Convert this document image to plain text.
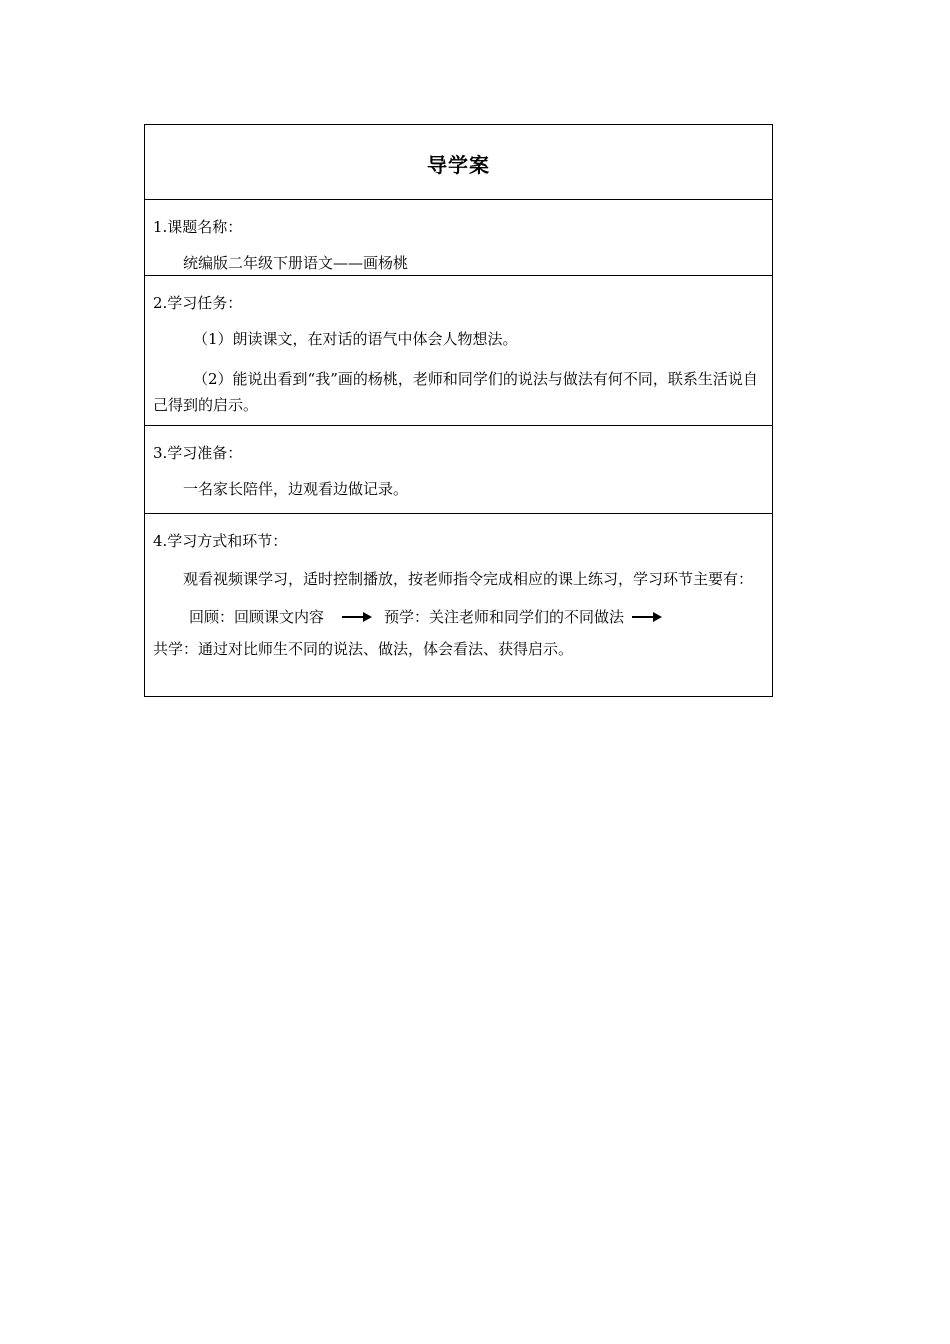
导学案

1.课题名称：

统编版二年级下册语文——画杨桃

2.学习任务：

（1）朗读课文，在对话的语气中体会人物想法。

（2）能说出看到“我”画的杨桃，老师和同学们的说法与做法有何不同，联系生活说自己得到的启示。

3.学习准备：

一名家长陪伴，边观看边做记录。

4.学习方式和环节：

观看视频课学习，适时控制播放，按老师指令完成相应的课上练习，学习环节主要有：

回顾：回顾课文内容	预学：关注老师和同学们的不同做法

共学：通过对比师生不同的说法、做法，体会看法、获得启示。
